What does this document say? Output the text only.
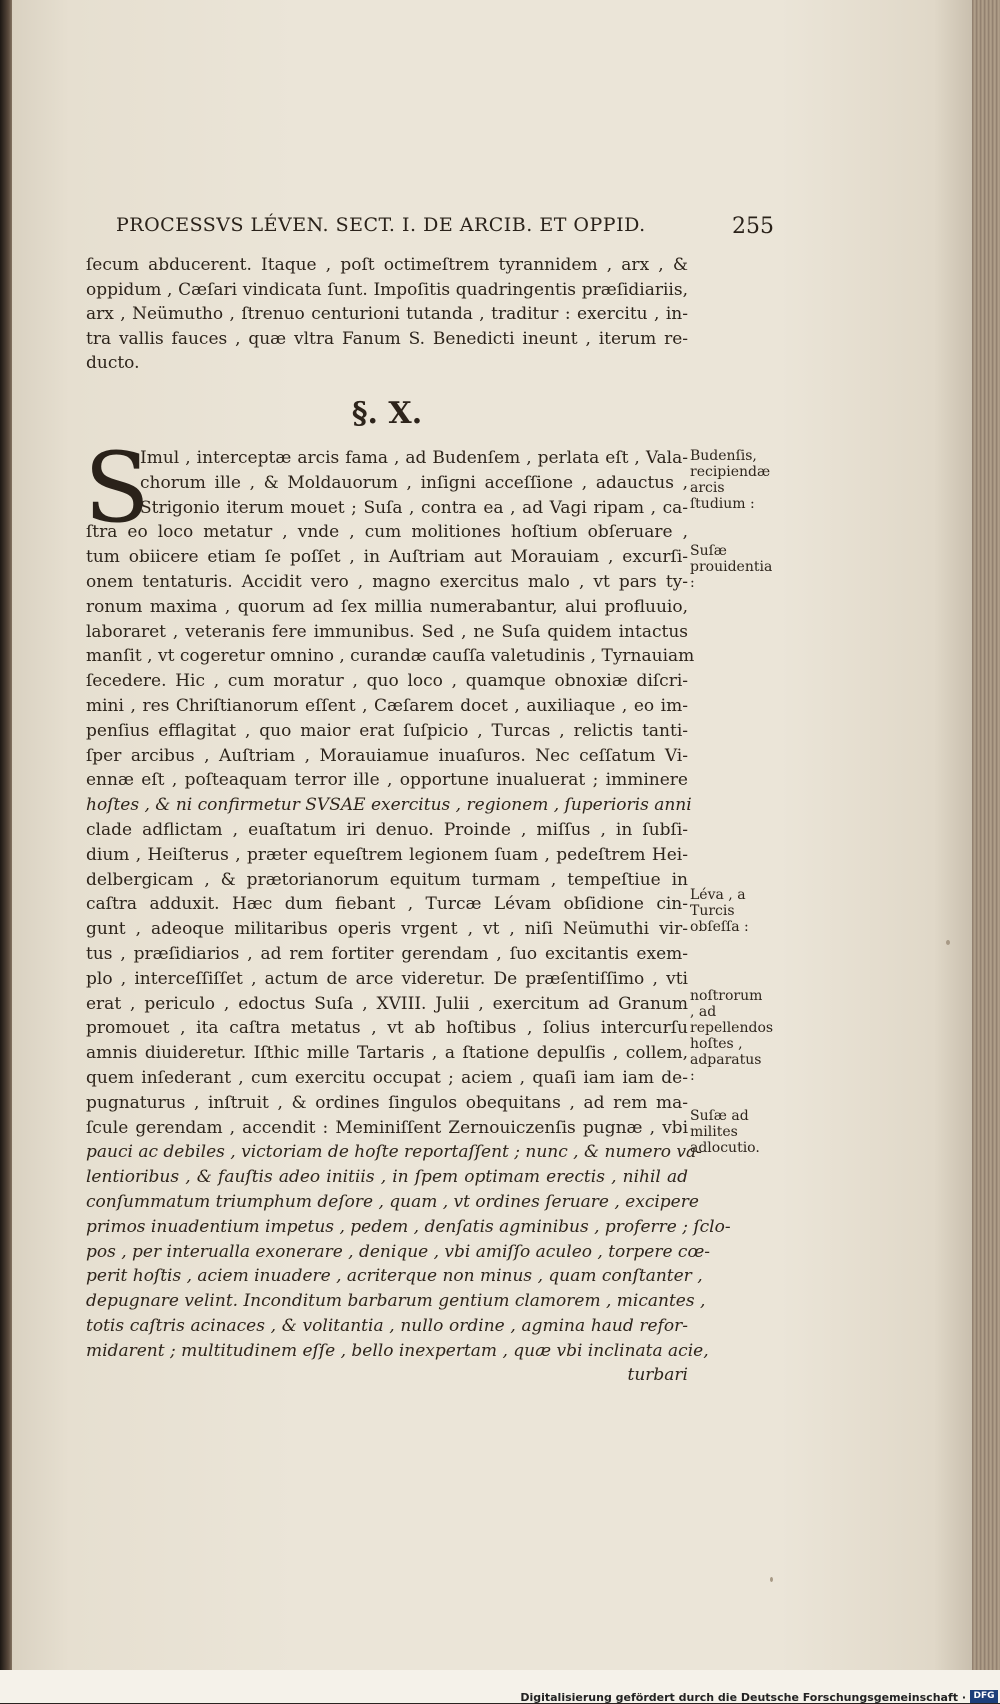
PROCESSVS LÉVEN. SECT. I. DE ARCIB. ET OPPID.	255
ſecum abducerent. Itaque , poſt octimeſtrem tyrannidem , arx , &
oppidum , Cæſari vindicata ſunt. Impoſitis quadringentis præſidiariis,
arx , Neümutho , ſtrenuo centurioni tutanda , traditur : exercitu , in-
tra vallis fauces , quæ vltra Fanum S. Benedicti ineunt , iterum re-
ducto.
§. X.
S
Imul , interceptæ arcis fama , ad Budenſem , perlata eſt , Vala-
chorum ille , & Moldauorum , inſigni acceſſione , adauctus ,
Strigonio iterum mouet ; Suſa , contra ea , ad Vagi ripam , ca-
ſtra eo loco metatur , vnde , cum molitiones hoſtium obſeruare ,
tum obiicere etiam ſe poſſet , in Auſtriam aut Morauiam , excurſi-
onem tentaturis. Accidit vero , magno exercitus malo , vt pars ty-
ronum maxima , quorum ad ſex millia numerabantur, alui profluuio,
laboraret , veteranis fere immunibus. Sed , ne Suſa quidem intactus
manſit , vt cogeretur omnino , curandæ cauſſa valetudinis , Tyrnauiam
ſecedere. Hic , cum moratur , quo loco , quamque obnoxiæ diſcri-
mini , res Chriſtianorum eſſent , Cæſarem docet , auxiliaque , eo im-
penſius efflagitat , quo maior erat ſuſpicio , Turcas , relictis tanti-
ſper arcibus , Auſtriam , Morauiamue inuaſuros. Nec ceſſatum Vi-
ennæ eſt , poſteaquam terror ille , opportune inualuerat ; imminere
hoſtes , & ni confirmetur SVSAE exercitus , regionem , ſuperioris anni
clade adflictam , euaſtatum iri denuo. Proinde , miſſus , in ſubſi-
dium , Heiſterus , præter equeſtrem legionem ſuam , pedeſtrem Hei-
delbergicam , & prætorianorum equitum turmam , tempeſtiue in
caſtra adduxit. Hæc dum fiebant , Turcæ Lévam obſidione cin-
gunt , adeoque militaribus operis vrgent , vt , niſi Neümuthi vir-
tus , præſidiarios , ad rem fortiter gerendam , ſuo excitantis exem-
plo , interceſſiſſet , actum de arce videretur. De præſentiſſimo , vti
erat , periculo , edoctus Suſa , XVIII. Julii , exercitum ad Granum
promouet , ita caſtra metatus , vt ab hoſtibus , ſolius intercurſu
amnis diuideretur. Iſthic mille Tartaris , a ſtatione depulſis , collem,
quem inſederant , cum exercitu occupat ; aciem , quaſi iam iam de-
pugnaturus , inſtruit , & ordines ſingulos obequitans , ad rem ma-
ſcule gerendam , accendit : Meminiſſent Zernouiczenſis pugnæ , vbi
pauci ac debiles , victoriam de hoſte reportaſſent ; nunc , & numero va-
lentioribus , & fauſtis adeo initiis , in ſpem optimam erectis , nihil ad
conſummatum triumphum deſore , quam , vt ordines ſeruare , excipere
primos inuadentium impetus , pedem , denſatis agminibus , proferre ; ſclo-
pos , per interualla exonerare , denique , vbi amiſſo aculeo , torpere cœ-
perit hoſtis , aciem inuadere , acriterque non minus , quam conſtanter ,
depugnare velint. Inconditum barbarum gentium clamorem , micantes ,
totis caſtris acinaces , & volitantia , nullo ordine , agmina haud refor-
midarent ; multitudinem eſſe , bello inexpertam , quæ vbi inclinata acie,
turbari
Budenſis, recipiendæ arcis ſtudium :
Suſæ prouidentia :
Léva , a Turcis obſeſſa :
noſtrorum , ad repellendos hoſtes , adparatus :
Suſæ ad milites adlocutio.
Digitalisierung gefördert durch die Deutsche Forschungsgemeinschaft · DFG
